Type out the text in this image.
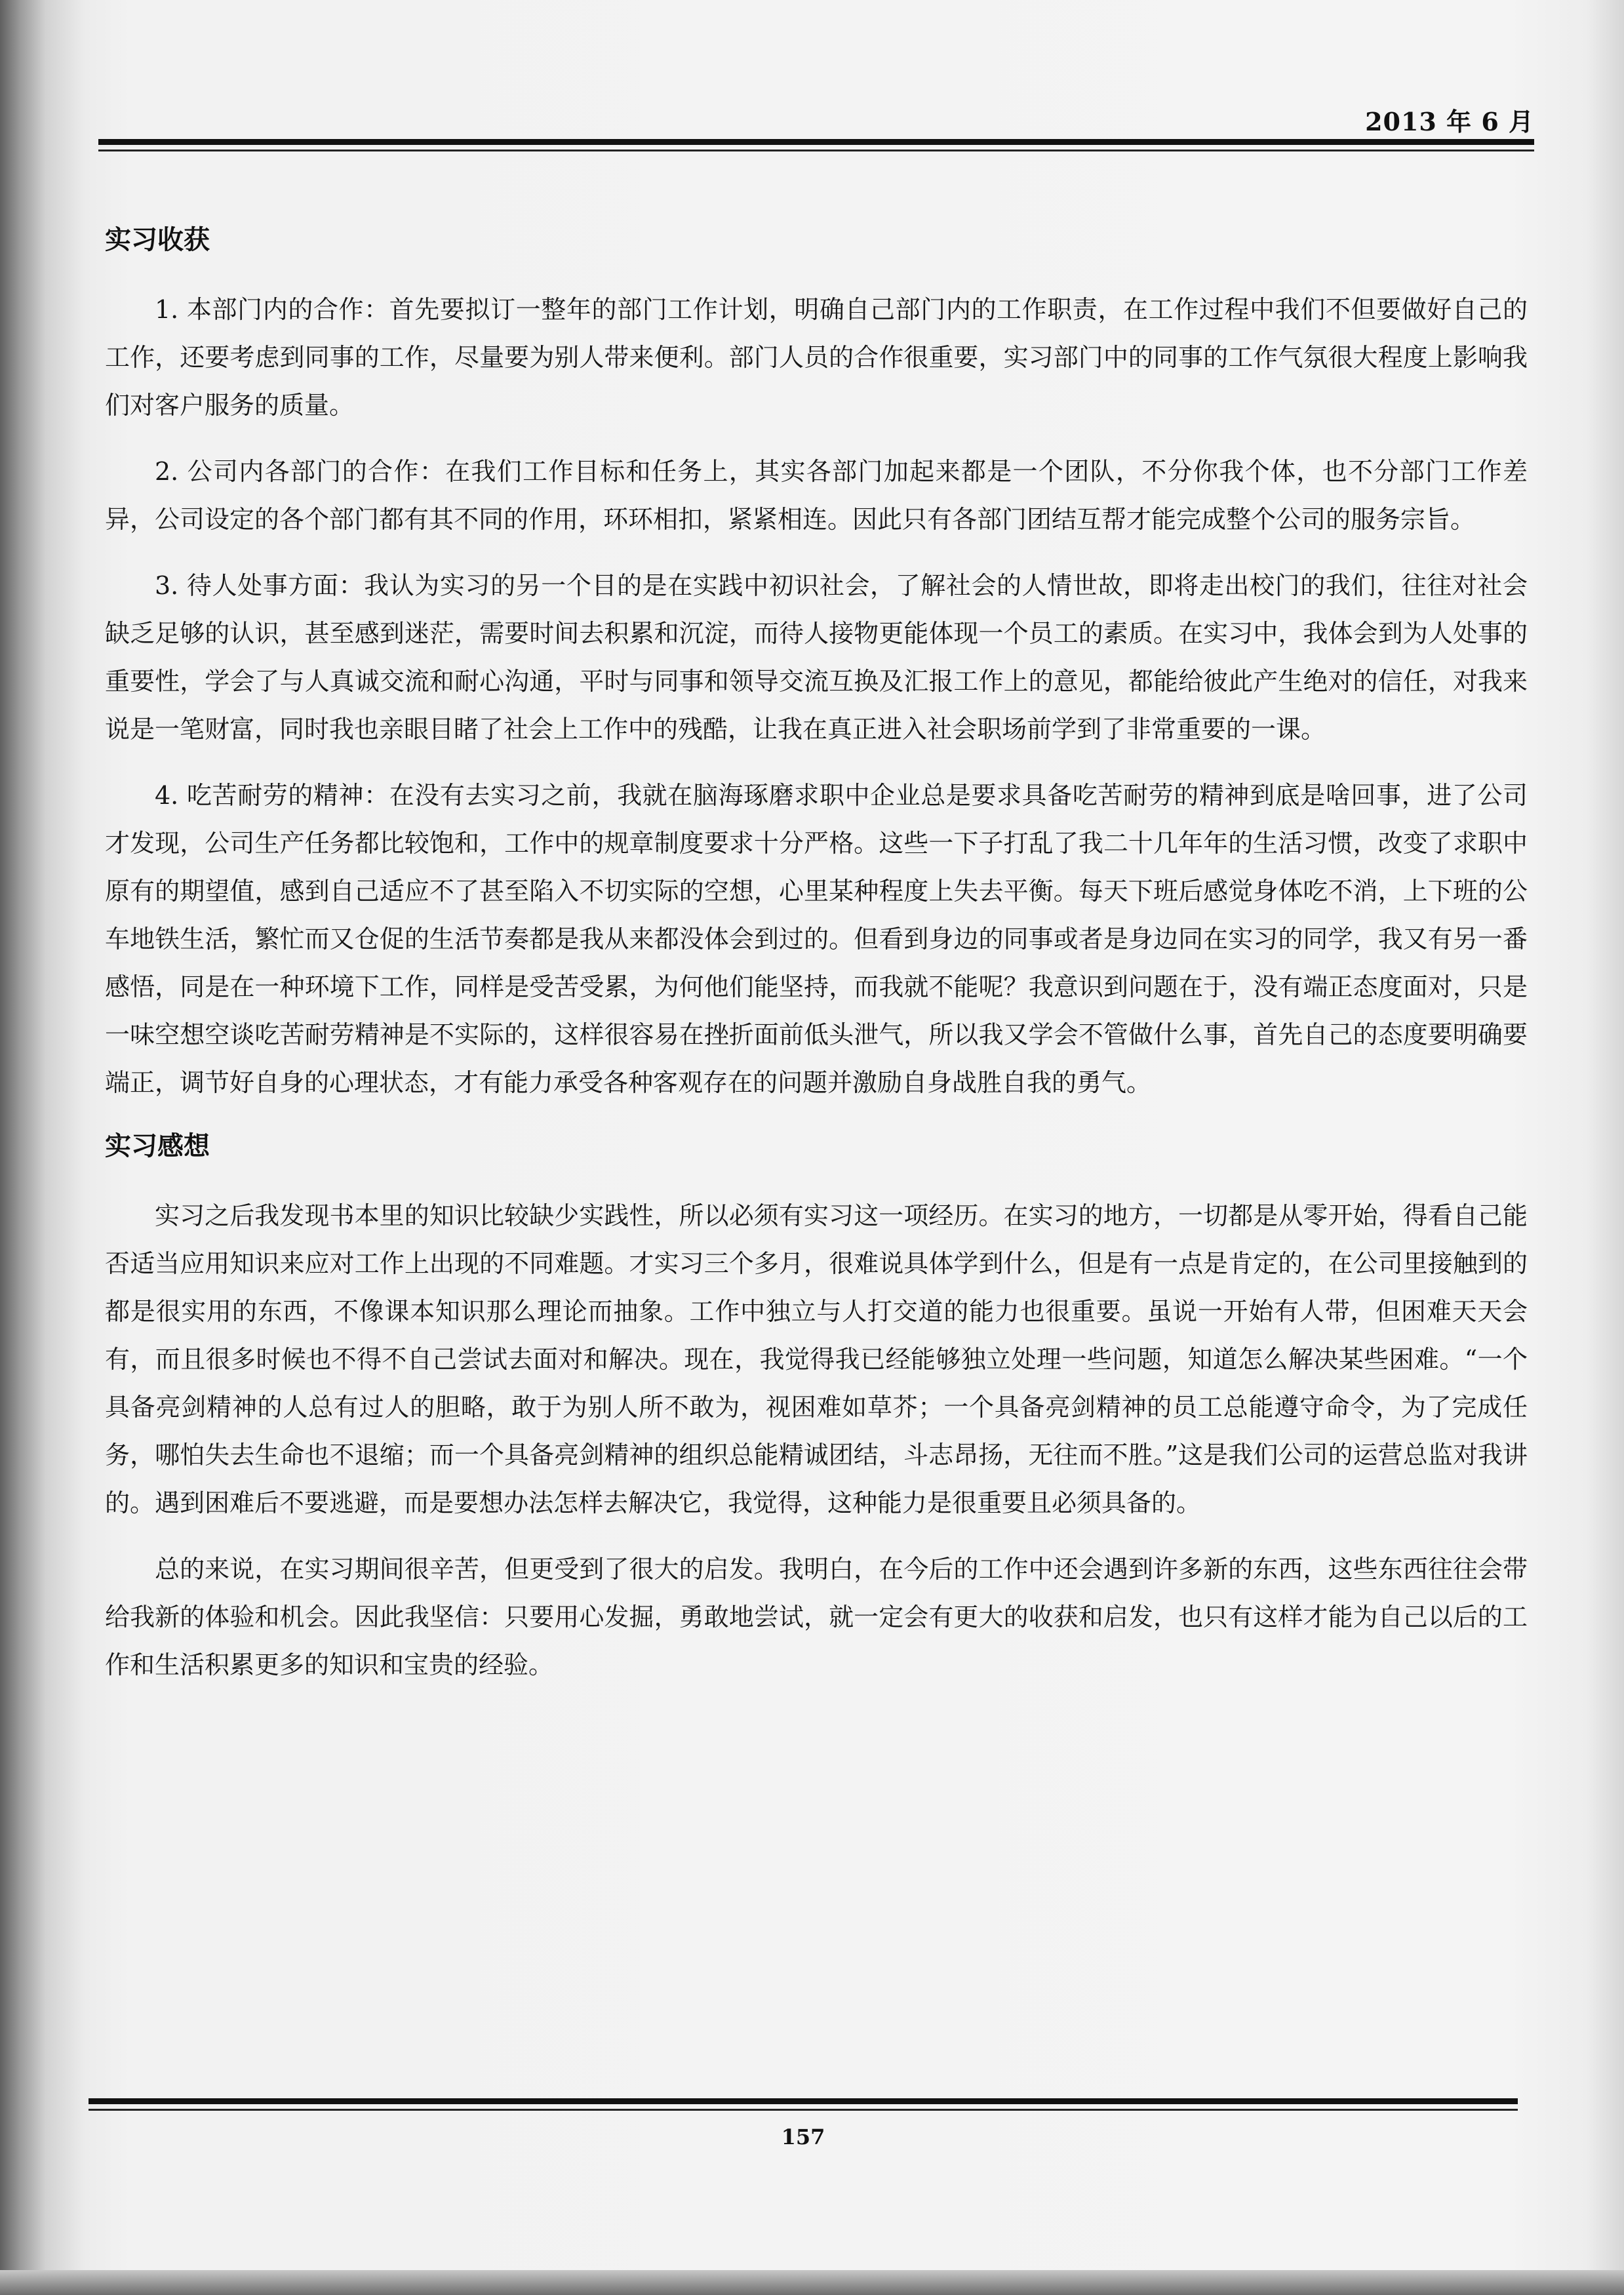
2013 年 6 月
实习收获

1. 本部门内的合作：首先要拟订一整年的部门工作计划，明确自己部门内的工作职责，在工作过程中我们不但要做好自己的工作，还要考虑到同事的工作，尽量要为别人带来便利。部门人员的合作很重要，实习部门中的同事的工作气氛很大程度上影响我们对客户服务的质量。

2. 公司内各部门的合作：在我们工作目标和任务上，其实各部门加起来都是一个团队，不分你我个体，也不分部门工作差异，公司设定的各个部门都有其不同的作用，环环相扣，紧紧相连。因此只有各部门团结互帮才能完成整个公司的服务宗旨。

3. 待人处事方面：我认为实习的另一个目的是在实践中初识社会，了解社会的人情世故，即将走出校门的我们，往往对社会缺乏足够的认识，甚至感到迷茫，需要时间去积累和沉淀，而待人接物更能体现一个员工的素质。在实习中，我体会到为人处事的重要性，学会了与人真诚交流和耐心沟通，平时与同事和领导交流互换及汇报工作上的意见，都能给彼此产生绝对的信任，对我来说是一笔财富，同时我也亲眼目睹了社会上工作中的残酷，让我在真正进入社会职场前学到了非常重要的一课。

4. 吃苦耐劳的精神：在没有去实习之前，我就在脑海琢磨求职中企业总是要求具备吃苦耐劳的精神到底是啥回事，进了公司才发现，公司生产任务都比较饱和，工作中的规章制度要求十分严格。这些一下子打乱了我二十几年年的生活习惯，改变了求职中原有的期望值，感到自己适应不了甚至陷入不切实际的空想，心里某种程度上失去平衡。每天下班后感觉身体吃不消，上下班的公车地铁生活，繁忙而又仓促的生活节奏都是我从来都没体会到过的。但看到身边的同事或者是身边同在实习的同学，我又有另一番感悟，同是在一种环境下工作，同样是受苦受累，为何他们能坚持，而我就不能呢？我意识到问题在于，没有端正态度面对，只是一味空想空谈吃苦耐劳精神是不实际的，这样很容易在挫折面前低头泄气，所以我又学会不管做什么事，首先自己的态度要明确要端正，调节好自身的心理状态，才有能力承受各种客观存在的问题并激励自身战胜自我的勇气。

实习感想

实习之后我发现书本里的知识比较缺少实践性，所以必须有实习这一项经历。在实习的地方，一切都是从零开始，得看自己能否适当应用知识来应对工作上出现的不同难题。才实习三个多月，很难说具体学到什么，但是有一点是肯定的，在公司里接触到的都是很实用的东西，不像课本知识那么理论而抽象。工作中独立与人打交道的能力也很重要。虽说一开始有人带，但困难天天会有，而且很多时候也不得不自己尝试去面对和解决。现在，我觉得我已经能够独立处理一些问题，知道怎么解决某些困难。“一个具备亮剑精神的人总有过人的胆略，敢于为别人所不敢为，视困难如草芥；一个具备亮剑精神的员工总能遵守命令，为了完成任务，哪怕失去生命也不退缩；而一个具备亮剑精神的组织总能精诚团结，斗志昂扬，无往而不胜。”这是我们公司的运营总监对我讲的。遇到困难后不要逃避，而是要想办法怎样去解决它，我觉得，这种能力是很重要且必须具备的。

总的来说，在实习期间很辛苦，但更受到了很大的启发。我明白，在今后的工作中还会遇到许多新的东西，这些东西往往会带给我新的体验和机会。因此我坚信：只要用心发掘，勇敢地尝试，就一定会有更大的收获和启发，也只有这样才能为自己以后的工作和生活积累更多的知识和宝贵的经验。

157
